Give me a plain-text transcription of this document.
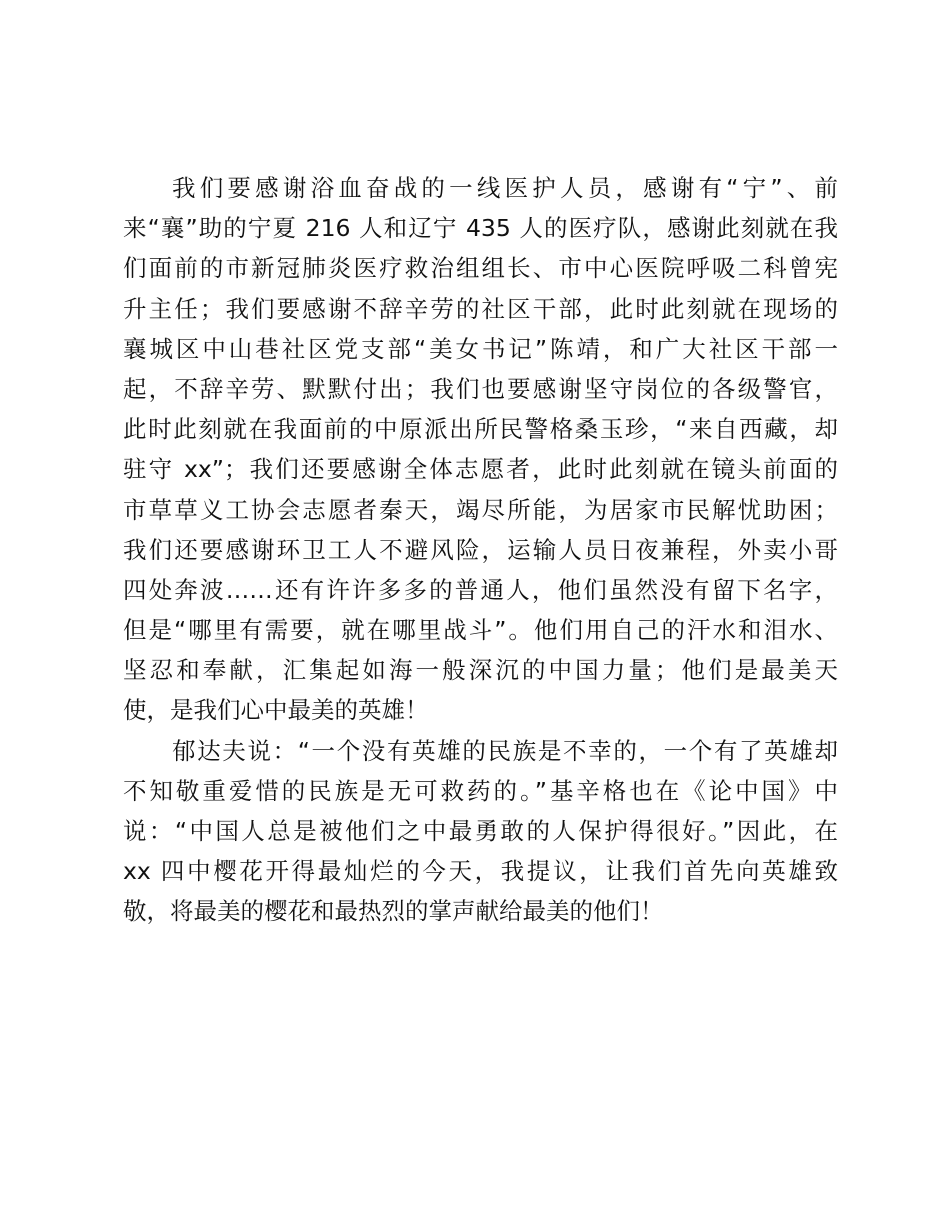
我们要感谢浴血奋战的一线医护人员，感谢有“宁”、前
来“襄”助的宁夏 216 人和辽宁 435 人的医疗队，感谢此刻就在我
们面前的市新冠肺炎医疗救治组组长、市中心医院呼吸二科曾宪
升主任；我们要感谢不辞辛劳的社区干部，此时此刻就在现场的
襄城区中山巷社区党支部“美女书记”陈靖，和广大社区干部一
起，不辞辛劳、默默付出；我们也要感谢坚守岗位的各级警官，
此时此刻就在我面前的中原派出所民警格桑玉珍，“来自西藏，却
驻守 xx”；我们还要感谢全体志愿者，此时此刻就在镜头前面的
市草草义工协会志愿者秦天，竭尽所能，为居家市民解忧助困；
我们还要感谢环卫工人不避风险，运输人员日夜兼程，外卖小哥
四处奔波……还有许许多多的普通人，他们虽然没有留下名字，
但是“哪里有需要，就在哪里战斗”。他们用自己的汗水和泪水、
坚忍和奉献，汇集起如海一般深沉的中国力量；他们是最美天
使，是我们心中最美的英雄！
郁达夫说：“一个没有英雄的民族是不幸的，一个有了英雄却
不知敬重爱惜的民族是无可救药的。”基辛格也在《论中国》中
说：“中国人总是被他们之中最勇敢的人保护得很好。”因此，在
xx 四中樱花开得最灿烂的今天，我提议，让我们首先向英雄致
敬，将最美的樱花和最热烈的掌声献给最美的他们！
